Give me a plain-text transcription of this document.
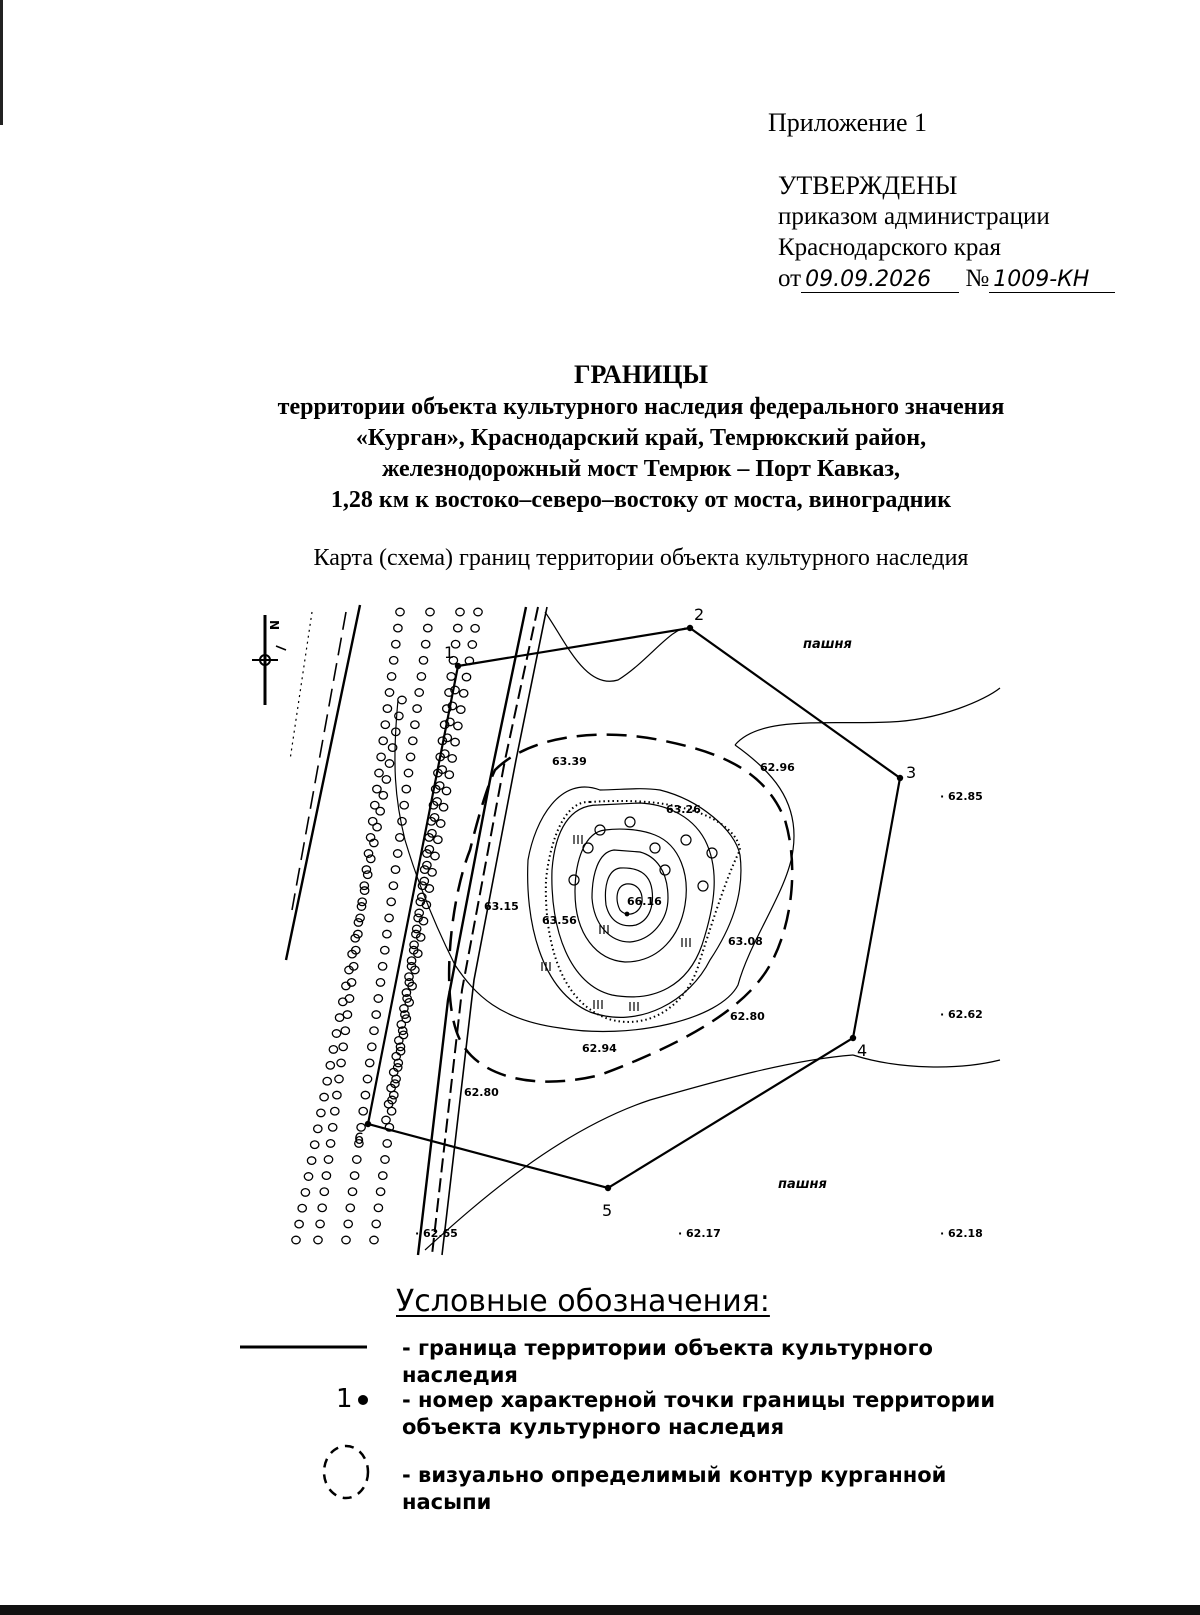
Приложение 1
УТВЕРЖДЕНЫ
приказом администрации
Краснодарского края
от 09.09.2026 № 1009-КН
ГРАНИЦЫ
территории объекта культурного наследия федерального значения
«Курган», Краснодарский край, Темрюкский район,
железнодорожный мост Темрюк – Порт Кавказ,
1,28 км к востоко–северо–востоку от моста, виноградник
Карта (схема) границ территории объекта культурного наследия
N
1
2
3
4
5
6
63.39	62.96
· 62.85
63.26
63.15
63.56
66.16
63.08
62.80	· 62.62
62.94
62.80
· 62.65	· 62.17	· 62.18
пашня
пашня
Условные обозначения:
- граница территории объекта культурного наследия
1 - номер характерной точки границы территории объекта культурного наследия
- визуально определимый контур курганной насыпи
